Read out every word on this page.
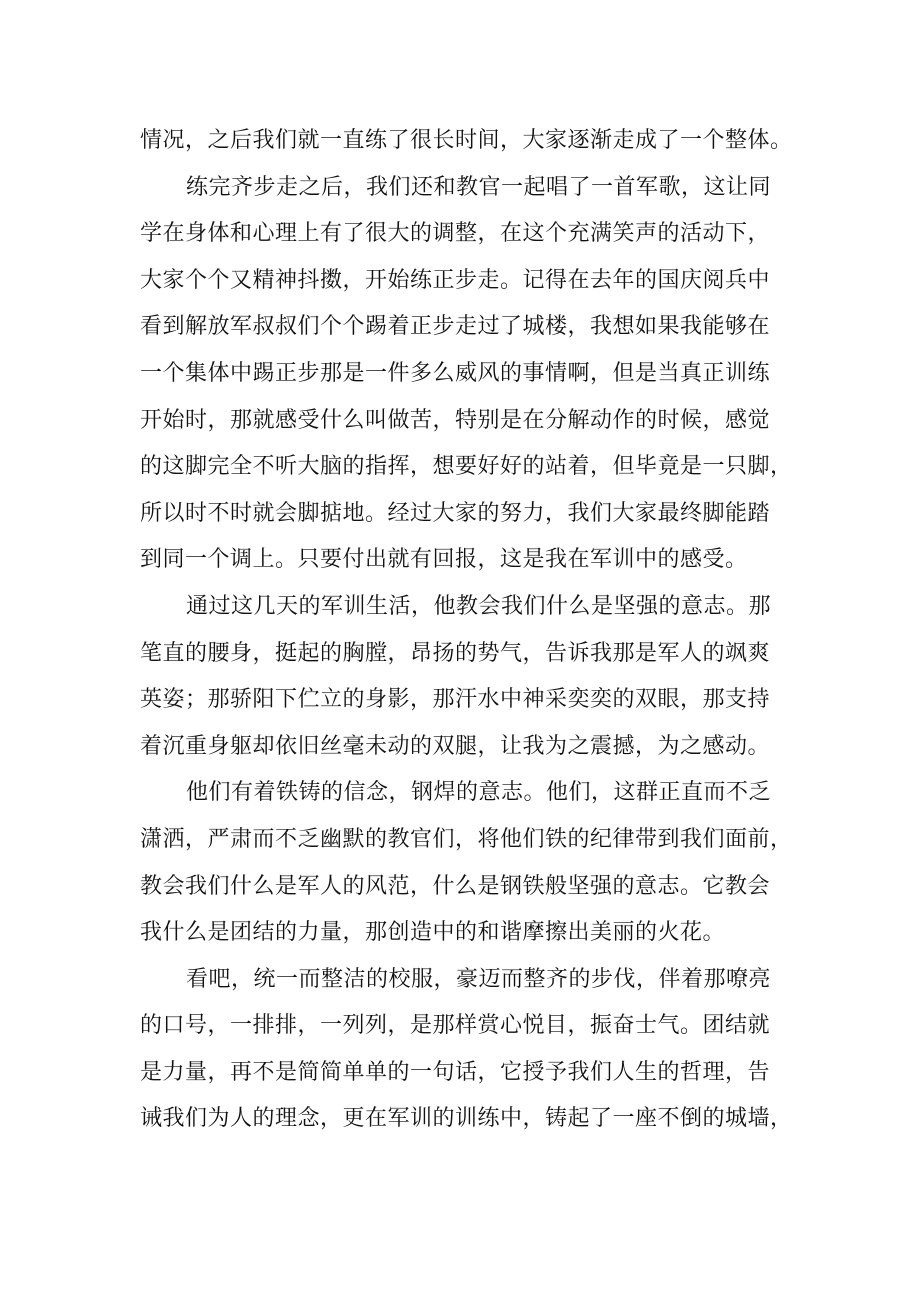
情况，之后我们就一直练了很长时间，大家逐渐走成了一个整体。
练完齐步走之后，我们还和教官一起唱了一首军歌，这让同
学在身体和心理上有了很大的调整，在这个充满笑声的活动下，
大家个个又精神抖擞，开始练正步走。记得在去年的国庆阅兵中
看到解放军叔叔们个个踢着正步走过了城楼，我想如果我能够在
一个集体中踢正步那是一件多么威风的事情啊，但是当真正训练
开始时，那就感受什么叫做苦，特别是在分解动作的时候，感觉
的这脚完全不听大脑的指挥，想要好好的站着，但毕竟是一只脚，
所以时不时就会脚掂地。经过大家的努力，我们大家最终脚能踏
到同一个调上。只要付出就有回报，这是我在军训中的感受。
通过这几天的军训生活，他教会我们什么是坚强的意志。那
笔直的腰身，挺起的胸膛，昂扬的势气，告诉我那是军人的飒爽
英姿；那骄阳下伫立的身影，那汗水中神采奕奕的双眼，那支持
着沉重身躯却依旧丝毫未动的双腿，让我为之震撼，为之感动。
他们有着铁铸的信念，钢焊的意志。他们，这群正直而不乏
潇洒，严肃而不乏幽默的教官们，将他们铁的纪律带到我们面前，
教会我们什么是军人的风范，什么是钢铁般坚强的意志。它教会
我什么是团结的力量，那创造中的和谐摩擦出美丽的火花。
看吧，统一而整洁的校服，豪迈而整齐的步伐，伴着那嘹亮
的口号，一排排，一列列，是那样赏心悦目，振奋士气。团结就
是力量，再不是简简单单的一句话，它授予我们人生的哲理，告
诫我们为人的理念，更在军训的训练中，铸起了一座不倒的城墙，
